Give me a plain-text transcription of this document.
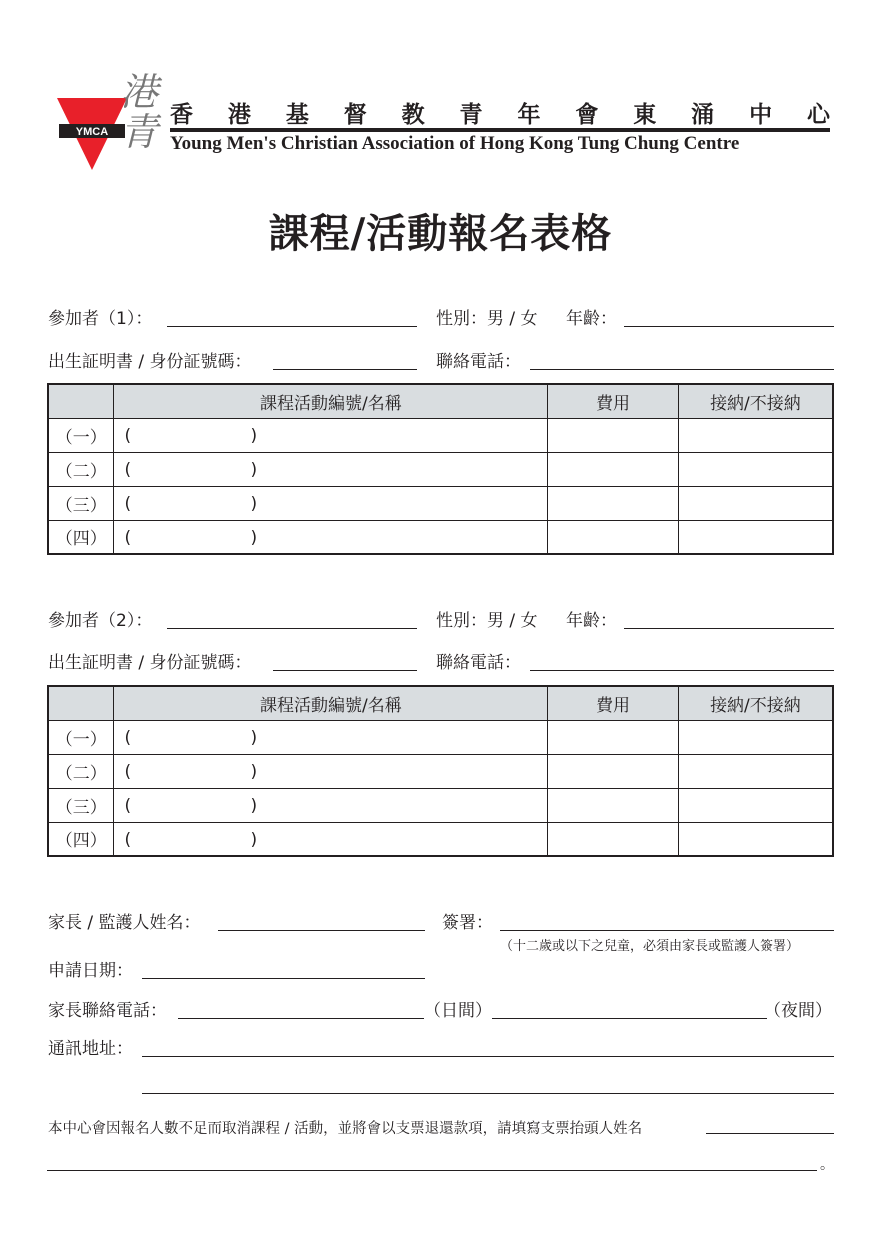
YMCA
港青 香 港 基 督 教 青 年 會 東 涌 中 心
Young Men's Christian Association of Hong Kong Tung Chung Centre
課程/活動報名表格
參加者（1）：	性別：男 / 女 年齡：
出生証明書 / 身份証號碼：	聯絡電話：
	課程活動編號/名稱	費用	接納/不接納
（一）	( )		

（二）	( )		

（三）	( )		

（四）	( )		

參加者（2）：	性別：男 / 女 年齡：
出生証明書 / 身份証號碼：	聯絡電話：
	課程活動編號/名稱	費用	接納/不接納
（一）	( )		

（二）	( )		

（三）	( )		

（四）	( )		

家長 / 監護人姓名：	簽署：
（十二歲或以下之兒童，必須由家長或監護人簽署）
申請日期：
家長聯絡電話：	（日間）	（夜間）
通訊地址：
本中心會因報名人數不足而取消課程 / 活動，並將會以支票退還款項，請填寫支票抬頭人姓名
。
